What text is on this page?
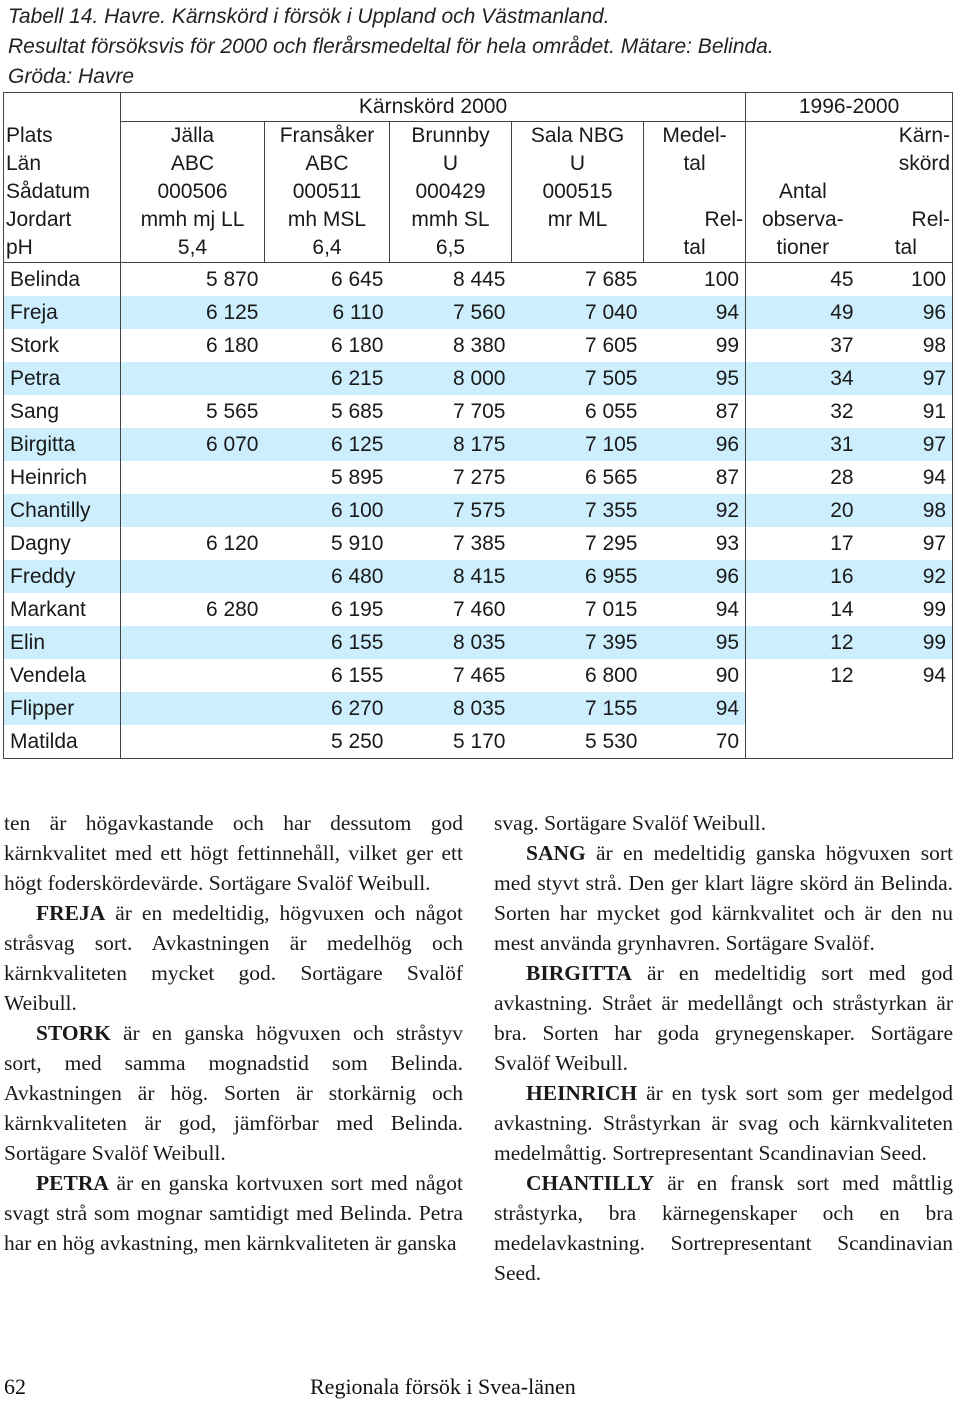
Tabell 14. Havre. Kärnskörd i försök i Uppland och Västmanland.
Resultat försöksvis för 2000 och flerårsmedeltal för hela området. Mätare: Belinda.
Gröda: Havre
	Kärnskörd 2000					1996-2000	
Plats	Jälla	Fransåker	Brunnby	Sala NBG	Medel-		Kärn-
Län	ABC	ABC	U	U	tal		skörd
Sådatum	000506	000511	000429	000515		Antal	
Jordart	mmh mj LL	mh MSL	mmh SL	mr ML	Rel-	observa-	Rel-
pH	5,4	6,4	6,5		tal	tioner	tal
Belinda	5 870	6 645	8 445	7 685	100	45	100
Freja	6 125	6 110	7 560	7 040	94	49	96
Stork	6 180	6 180	8 380	7 605	99	37	98
Petra		6 215	8 000	7 505	95	34	97
Sang	5 565	5 685	7 705	6 055	87	32	91
Birgitta	6 070	6 125	8 175	7 105	96	31	97
Heinrich		5 895	7 275	6 565	87	28	94
Chantilly		6 100	7 575	7 355	92	20	98
Dagny	6 120	5 910	7 385	7 295	93	17	97
Freddy		6 480	8 415	6 955	96	16	92
Markant	6 280	6 195	7 460	7 015	94	14	99
Elin		6 155	8 035	7 395	95	12	99
Vendela		6 155	7 465	6 800	90	12	94
Flipper		6 270	8 035	7 155	94		
Matilda		5 250	5 170	5 530	70		

ten är högavkastande och har dessutom god kärnkvalitet med ett högt fettinnehåll, vilket ger ett högt foderskördevärde. Sortägare Svalöf Weibull.

FREJA är en medeltidig, högvuxen och något stråsvag sort. Avkastningen är medelhög och kärnkvaliteten mycket god. Sortägare Svalöf Weibull.

STORK är en ganska högvuxen och stråstyv sort, med samma mognadstid som Belinda. Avkastningen är hög. Sorten är storkärnig och kärnkvaliteten är god, jämförbar med Belinda. Sortägare Svalöf Weibull.

PETRA är en ganska kortvuxen sort med något svagt strå som mognar samtidigt med Belinda. Petra har en hög avkastning, men kärnkvaliteten är ganska

svag. Sortägare Svalöf Weibull.

SANG är en medeltidig ganska högvuxen sort med styvt strå. Den ger klart lägre skörd än Belinda. Sorten har mycket god kärnkvalitet och är den nu mest använda grynhavren. Sortägare Svalöf.

BIRGITTA är en medeltidig sort med god avkastning. Strået är medellångt och stråstyrkan är bra. Sorten har goda grynegenskaper. Sortägare Svalöf Weibull.

HEINRICH är en tysk sort som ger medelgod avkastning. Stråstyrkan är svag och kärnkvaliteten medelmåttig. Sortrepresentant Scandinavian Seed.

CHANTILLY är en fransk sort med måttlig stråstyrka, bra kärnegenskaper och en bra medelavkastning. Sortrepresentant Scandinavian Seed.

62	Regionala försök i Svea-länen
